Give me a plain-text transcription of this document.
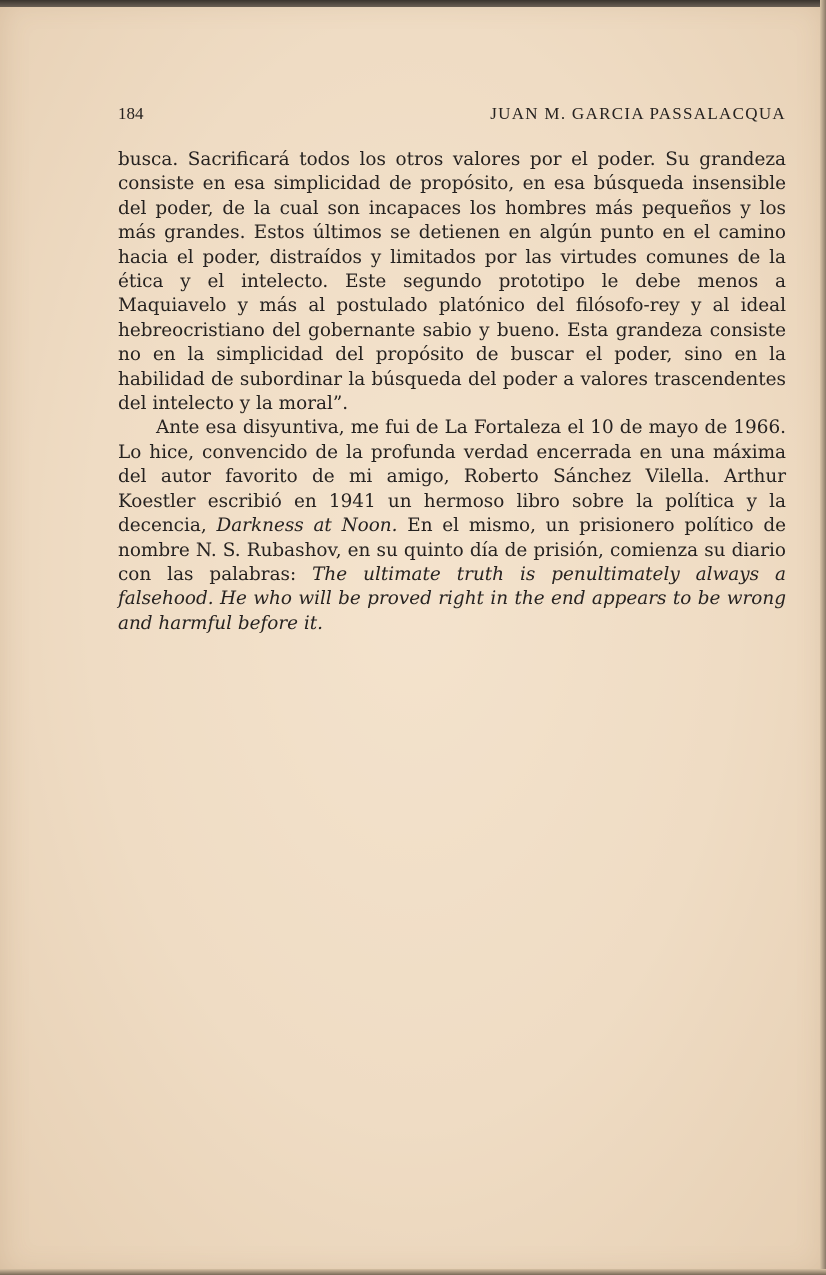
184	JUAN M. GARCIA PASSALACQUA

busca. Sacrificará todos los otros valores por el poder. Su grandeza consiste en esa simplicidad de propósito, en esa búsqueda insensible del poder, de la cual son incapaces los hombres más pequeños y los más grandes. Estos últimos se detienen en algún punto en el camino hacia el poder, distraídos y limitados por las virtudes comunes de la ética y el intelecto. Este segundo prototipo le debe menos a Maquiavelo y más al postulado platónico del filósofo-rey y al ideal hebreocristiano del gobernante sabio y bueno. Esta grandeza consiste no en la simplicidad del propósito de buscar el poder, sino en la habilidad de subordinar la búsqueda del poder a valores trascendentes del intelecto y la moral”.

Ante esa disyuntiva, me fui de La Fortaleza el 10 de mayo de 1966. Lo hice, convencido de la profunda verdad encerrada en una máxima del autor favorito de mi amigo, Roberto Sánchez Vilella. Arthur Koestler escribió en 1941 un hermoso libro sobre la política y la decencia, Darkness at Noon. En el mismo, un prisionero político de nombre N. S. Rubashov, en su quinto día de prisión, comienza su diario con las palabras: The ultimate truth is penultimately always a falsehood. He who will be proved right in the end appears to be wrong and harmful before it.
